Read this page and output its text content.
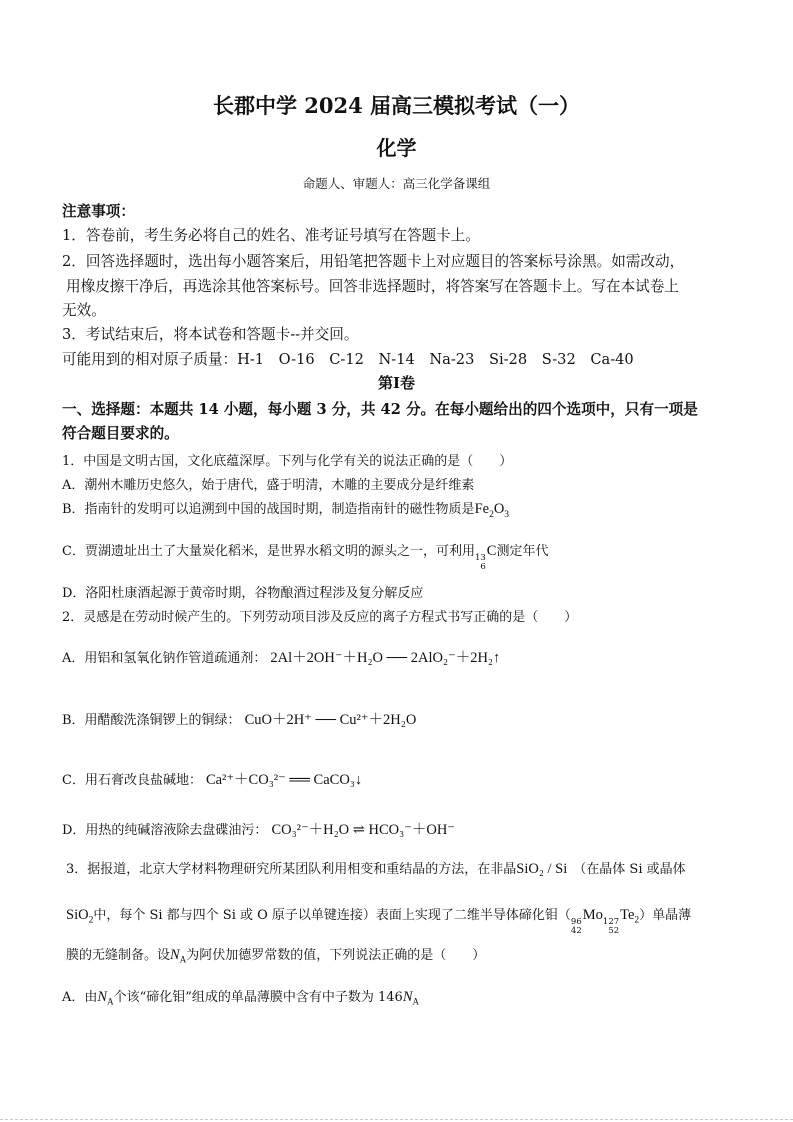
长郡中学 2024 届高三模拟考试（一）
化学
命题人、审题人：高三化学备课组
注意事项：
1．答卷前，考生务必将自己的姓名、准考证号填写在答题卡上。
2．回答选择题时，选出每小题答案后，用铅笔把答题卡上对应题目的答案标号涂黑。如需改动，
用橡皮擦干净后，再选涂其他答案标号。回答非选择题时，将答案写在答题卡上。写在本试卷上
无效。
3．考试结束后，将本试卷和答题卡--并交回。
可能用到的相对原子质量：H-1　O-16　C-12　N-14　Na-23　Si-28　S-32　Ca-40
第Ⅰ卷
一、选择题：本题共 14 小题，每小题 3 分，共 42 分。在每小题给出的四个选项中，只有一项是
符合题目要求的。
1．中国是文明古国，文化底蕴深厚。下列与化学有关的说法正确的是（　　）
A．潮州木雕历史悠久，始于唐代，盛于明清，木雕的主要成分是纤维素
B．指南针的发明可以追溯到中国的战国时期，制造指南针的磁性物质是$Fe_2O_3$
C．贾湖遗址出土了大量炭化稻米，是世界水稻文明的源头之一，可利用 13
6
C测定年代
D．洛阳杜康酒起源于黄帝时期，谷物酿酒过程涉及复分解反应
2．灵感是在劳动时候产生的。下列劳动项目涉及反应的离子方程式书写正确的是（　　）
A．用铝和氢氧化钠作管道疏通剂： 2Al＋2OH⁻＋H₂O ── 2AlO₂⁻＋2H₂↑
B．用醋酸洗涤铜锣上的铜绿： CuO＋2H⁺ ── Cu²⁺＋2H₂O
C．用石膏改良盐碱地： Ca²⁺＋CO₃²⁻ ══ CaCO₃↓
D．用热的纯碱溶液除去盘碟油污： CO₃²⁻＋H₂O ⇌ HCO₃⁻＋OH⁻
3．据报道，北京大学材料物理研究所某团队利用相变和重结晶的方法，在非晶SiO₂ / Si （在晶体 Si 或晶体
SiO$_2$中，每个 Si 都与四个 Si 或 O 原子以单键连接）表面上实现了二维半导体碲化钼（ 96
42
Mo 127
52
$Te_2$）单晶薄
膜的无缝制备。设$N_A$为阿伏加德罗常数的值，下列说法正确的是（　　）
A．由$N_A$个该“碲化钼”组成的单晶薄膜中含有中子数为 $146N_A$
